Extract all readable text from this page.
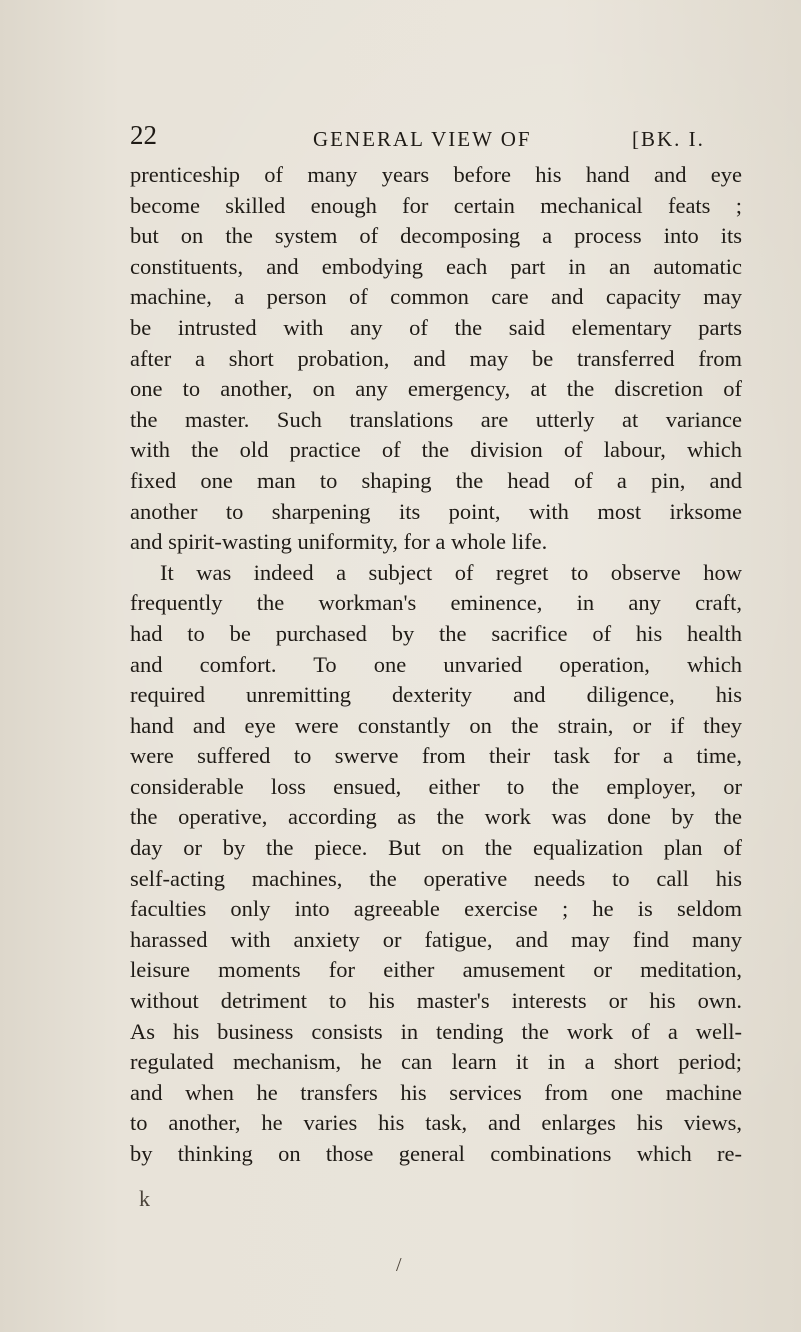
22	GENERAL VIEW OF	[BK. I.
prenticeship of many years before his hand and eye
become skilled enough for certain mechanical feats ;
but on the system of decomposing a process into its
constituents, and embodying each part in an automatic
machine, a person of common care and capacity may
be intrusted with any of the said elementary parts
after a short probation, and may be transferred from
one to another, on any emergency, at the discretion of
the master. Such translations are utterly at variance
with the old practice of the division of labour, which
fixed one man to shaping the head of a pin, and
another to sharpening its point, with most irksome
and spirit-wasting uniformity, for a whole life.
It was indeed a subject of regret to observe how
frequently the workman's eminence, in any craft,
had to be purchased by the sacrifice of his health
and comfort. To one unvaried operation, which
required unremitting dexterity and diligence, his
hand and eye were constantly on the strain, or if they
were suffered to swerve from their task for a time,
considerable loss ensued, either to the employer, or
the operative, according as the work was done by the
day or by the piece. But on the equalization plan of
self-acting machines, the operative needs to call his
faculties only into agreeable exercise ; he is seldom
harassed with anxiety or fatigue, and may find many
leisure moments for either amusement or meditation,
without detriment to his master's interests or his own.
As his business consists in tending the work of a well-
regulated mechanism, he can learn it in a short period;
and when he transfers his services from one machine
to another, he varies his task, and enlarges his views,
by thinking on those general combinations which re-
k
/
